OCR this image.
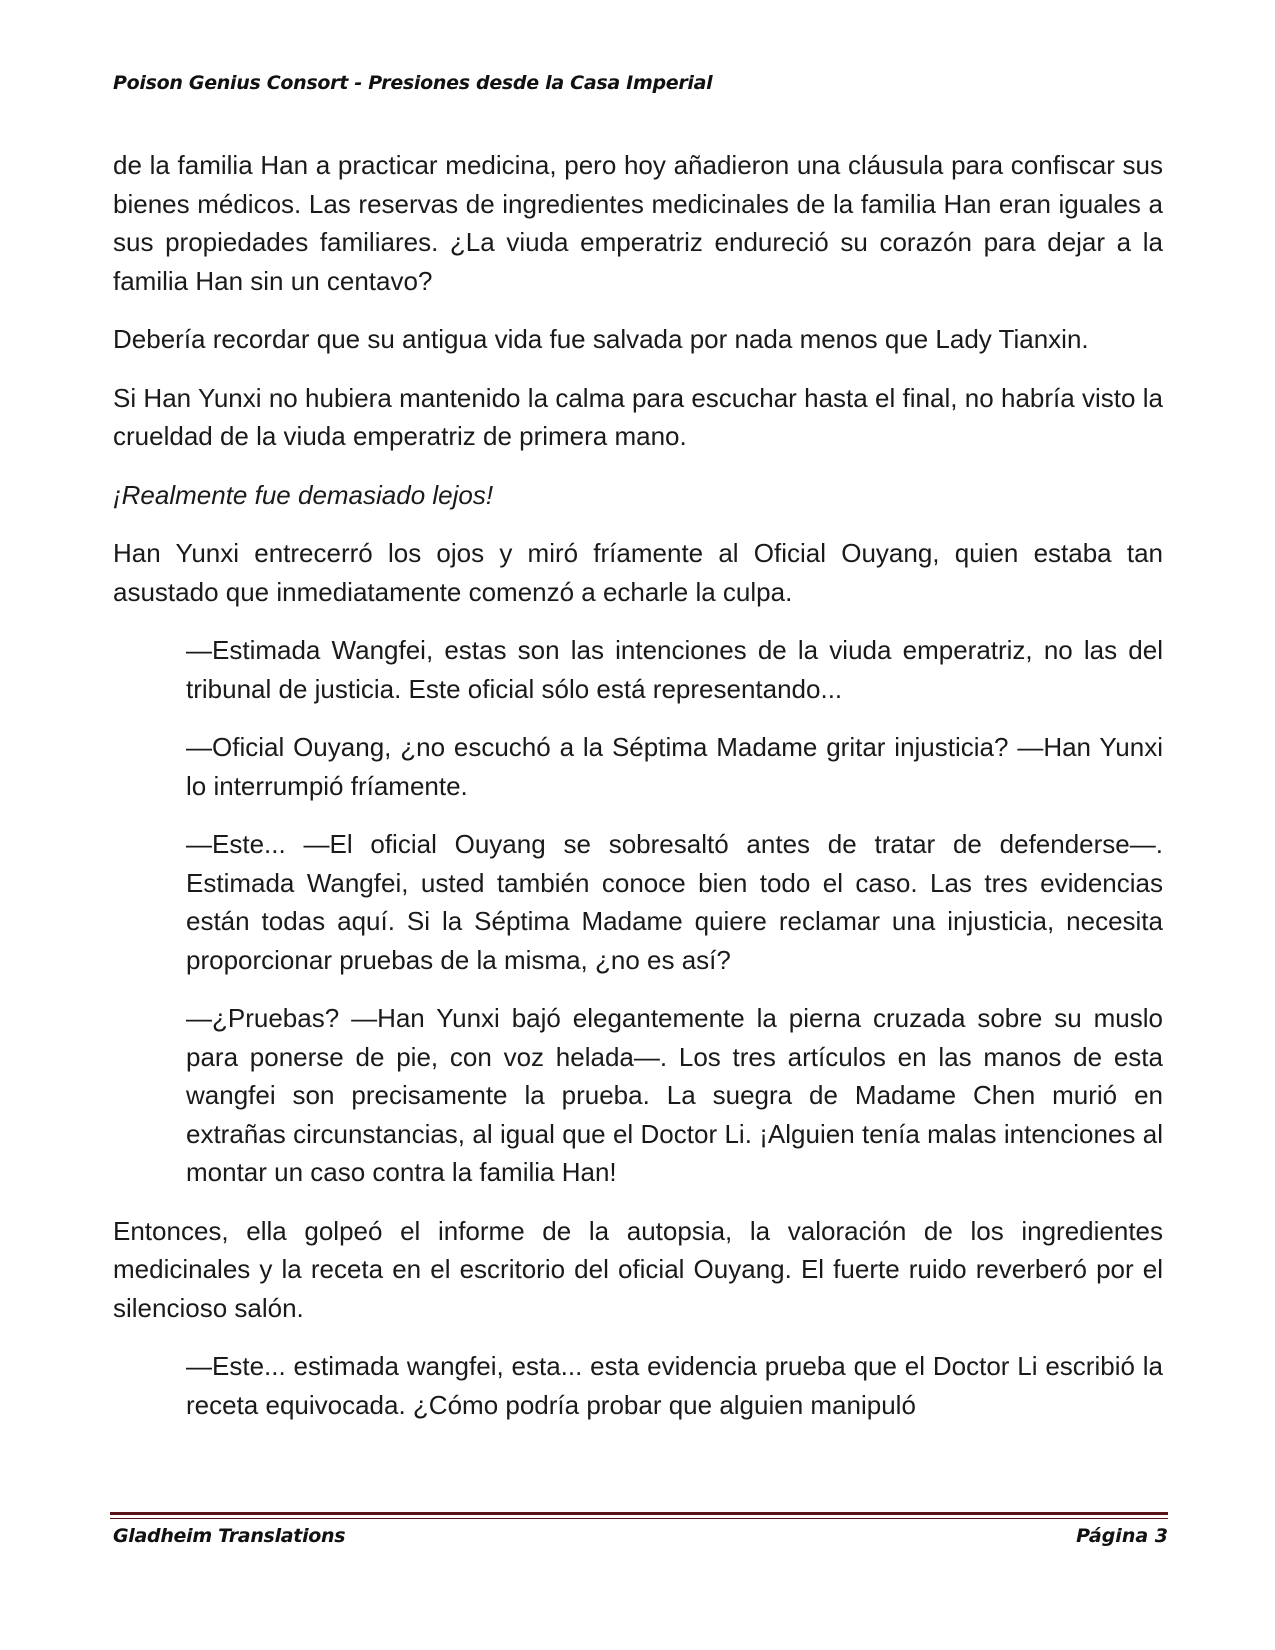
Poison Genius Consort - Presiones desde la Casa Imperial

de la familia Han a practicar medicina, pero hoy añadieron una cláusula para confiscar sus bienes médicos. Las reservas de ingredientes medicinales de la familia Han eran iguales a sus propiedades familiares. ¿La viuda emperatriz endureció su corazón para dejar a la familia Han sin un centavo?

Debería recordar que su antigua vida fue salvada por nada menos que Lady Tianxin.

Si Han Yunxi no hubiera mantenido la calma para escuchar hasta el final, no habría visto la crueldad de la viuda emperatriz de primera mano.

¡Realmente fue demasiado lejos!

Han Yunxi entrecerró los ojos y miró fríamente al Oficial Ouyang, quien estaba tan asustado que inmediatamente comenzó a echarle la culpa.

—Estimada Wangfei, estas son las intenciones de la viuda emperatriz, no las del tribunal de justicia. Este oficial sólo está representando...

—Oficial Ouyang, ¿no escuchó a la Séptima Madame gritar injusticia? —Han Yunxi lo interrumpió fríamente.

—Este... —El oficial Ouyang se sobresaltó antes de tratar de defenderse—. Estimada Wangfei, usted también conoce bien todo el caso. Las tres evidencias están todas aquí. Si la Séptima Madame quiere reclamar una injusticia, necesita proporcionar pruebas de la misma, ¿no es así?

—¿Pruebas? —Han Yunxi bajó elegantemente la pierna cruzada sobre su muslo para ponerse de pie, con voz helada—. Los tres artículos en las manos de esta wangfei son precisamente la prueba. La suegra de Madame Chen murió en extrañas circunstancias, al igual que el Doctor Li. ¡Alguien tenía malas intenciones al montar un caso contra la familia Han!

Entonces, ella golpeó el informe de la autopsia, la valoración de los ingredientes medicinales y la receta en el escritorio del oficial Ouyang. El fuerte ruido reverberó por el silencioso salón.

—Este... estimada wangfei, esta... esta evidencia prueba que el Doctor Li escribió la receta equivocada. ¿Cómo podría probar que alguien manipuló

Gladheim Translations	Página 3
